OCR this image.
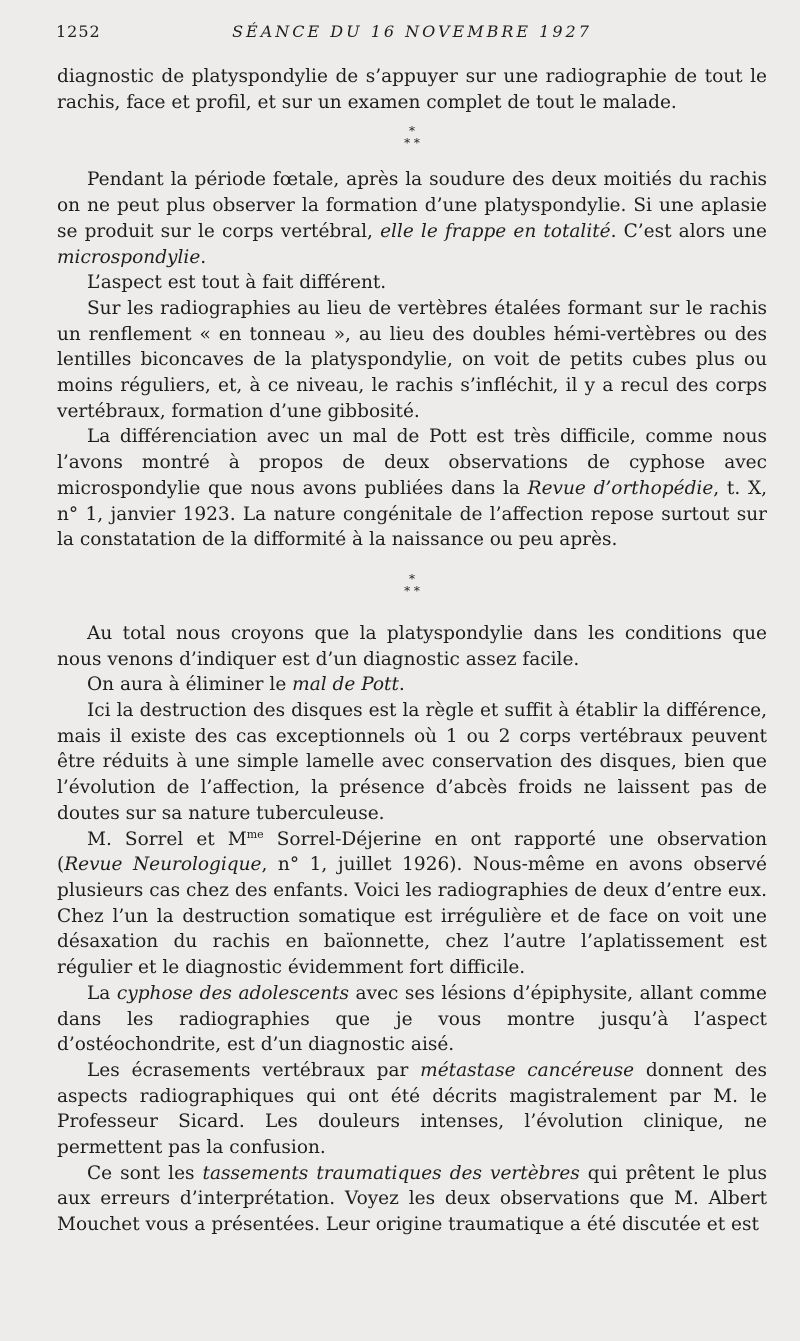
1252	SÉANCE DU 16 NOVEMBRE 1927

diagnostic de platyspondylie de s’appuyer sur une radiographie de tout le rachis, face et profil, et sur un examen complet de tout le malade.

*
* *

Pendant la période fœtale, après la soudure des deux moitiés du rachis on ne peut plus observer la formation d’une platyspondylie. Si une aplasie se produit sur le corps vertébral, elle le frappe en totalité. C’est alors une microspondylie.

L’aspect est tout à fait différent.

Sur les radiographies au lieu de vertèbres étalées formant sur le rachis un renflement « en tonneau », au lieu des doubles hémi-vertèbres ou des lentilles biconcaves de la platyspondylie, on voit de petits cubes plus ou moins réguliers, et, à ce niveau, le rachis s’infléchit, il y a recul des corps vertébraux, formation d’une gibbosité.

La différenciation avec un mal de Pott est très difficile, comme nous l’avons montré à propos de deux observations de cyphose avec microspondylie que nous avons publiées dans la Revue d’orthopédie, t. X, n° 1, janvier 1923. La nature congénitale de l’affection repose surtout sur la constatation de la difformité à la naissance ou peu après.

*
* *

Au total nous croyons que la platyspondylie dans les conditions que nous venons d’indiquer est d’un diagnostic assez facile.

On aura à éliminer le mal de Pott.

Ici la destruction des disques est la règle et suffit à établir la différence, mais il existe des cas exceptionnels où 1 ou 2 corps vertébraux peuvent être réduits à une simple lamelle avec conservation des disques, bien que l’évolution de l’affection, la présence d’abcès froids ne laissent pas de doutes sur sa nature tuberculeuse.

M. Sorrel et $M^{me}$ Sorrel-Déjerine en ont rapporté une observation (Revue Neurologique, n° 1, juillet 1926). Nous-même en avons observé plusieurs cas chez des enfants. Voici les radiographies de deux d’entre eux. Chez l’un la destruction somatique est irrégulière et de face on voit une désaxation du rachis en baïonnette, chez l’autre l’aplatissement est régulier et le diagnostic évidemment fort difficile.

La cyphose des adolescents avec ses lésions d’épiphysite, allant comme dans les radiographies que je vous montre jusqu’à l’aspect d’ostéochondrite, est d’un diagnostic aisé.

Les écrasements vertébraux par métastase cancéreuse donnent des aspects radiographiques qui ont été décrits magistralement par M. le Professeur Sicard. Les douleurs intenses, l’évolution clinique, ne permettent pas la confusion.

Ce sont les tassements traumatiques des vertèbres qui prêtent le plus aux erreurs d’interprétation. Voyez les deux observations que M. Albert Mouchet vous a présentées. Leur origine traumatique a été discutée et est
